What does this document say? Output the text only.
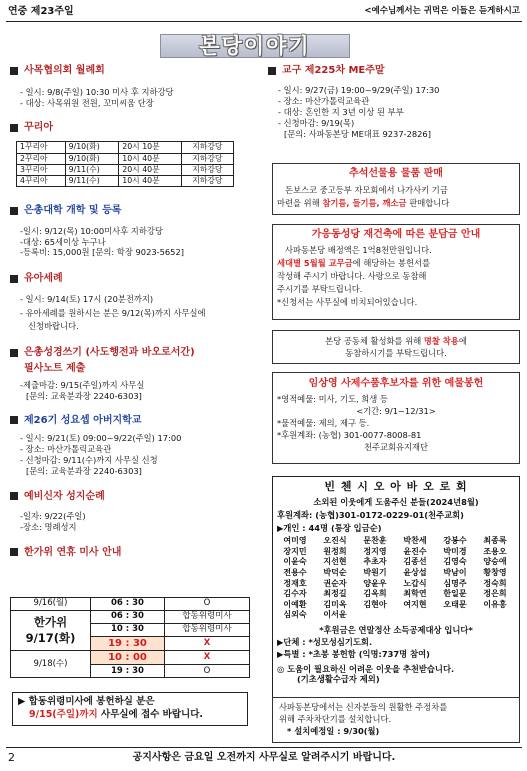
연중 제23주일	<예수님께서는 귀먹은 이들은 듣게하시고
본당이야기
사목협의회 월례회
- 일시: 9/8(주일) 10:30 미사 후 지하강당
- 대상: 사목위원 전원, 꼬미씨움 단장
꾸리아
1꾸리아	9/10(화)	20시 10분	지하강당
2꾸리아	9/10(화)	10시 40분	지하강당
3꾸리아	9/11(수)	20시 40분	지하강당
4꾸리아	9/11(수)	10시 40분	지하강당
은총대학 개학 및 등록
-일시: 9/12(목) 10:00미사후 지하강당
-대상: 65세이상 누구나
-등록비: 15,000원 [문의: 학장 9023-5652]
유아세례
- 일시: 9/14(토) 17시 (20분전까지)
- 유아세례를 원하시는 분은 9/12(목)까지 사무실에
신청바랍니다.
은총성경쓰기 (사도행전과 바오로서간)
필사노트 제출
-제출마감: 9/15(주일)까지 사무실
[문의: 교육분과장 2240-6303]
제26기 성요셉 아버지학교
- 일시: 9/21(토) 09:00~9/22(주일) 17:00
- 장소: 마산가톨릭교육관
- 신청마감: 9/11(수)까지 사무실 신청
[문의: 교육분과장 2240-6303]
예비신자 성지순례
-일자: 9/22(주일)
-장소: 명례성지
한가위 연휴 미사 안내
9/16(월)	06 : 30	O
한가위
9/17(화)	06 : 30	합동위령미사
	10 : 30	합동위령미사
	19 : 30	X
9/18(수)	10 : 00	X
	19 : 30	O
▶ 합동위령미사에 봉헌하실 분은
9/15(주일)까지 사무실에 접수 바랍니다.
교구 제225차 ME주말
- 일시: 9/27(금) 19:00~9/29(주일) 17:30
- 장소: 마산가톨릭교육관
- 대상: 혼인한 지 3년 이상 된 부부
- 신청마감: 9/19(목)
[문의: 사파동본당 ME대표 9237-2826]
추석선물용 물품 판매
돈보스코 중고등부 자모회에서 나가사키 기금
마련을 위해 참기름, 들기름, 깨소금 판매합니다
가응동성당 재건축에 따른 분담금 안내
사파동본당 배정액은 1억8천만원입니다.
세대별 5월월 교무금에 해당하는 봉헌서를
작성해 주시기 바랍니다. 사랑으로 동참해
주시기를 부탁드립니다.
*신청서는 사무실에 비치되어있습니다.
본당 공동체 활성화를 위해 명찰 착용에
동참하시기를 부탁드립니다.
임상영 사제수품후보자를 위한 예물봉헌
*영적예물: 미사, 기도, 희생 등
<기간: 9/1~12/31>
*물적예물: 제의, 제구 등.
*후원계좌: (농협) 301-0077-8008-81
천주교회유지재단
빈 첸 시 오 아 바 오 로 회
소외된 이웃에게 도움주신 분들(2024년8월)
후원계좌: (농협)301-0172-0229-01(천주교회)
▶개인 : 44명 (통장 입금순)
여미영	오진식	문찬훈	박찬세	강봉수	최종록
장지민	원정희	정지영	윤진수	박미경	조용오
이윤숙	지선현	추초자	김종선	김영숙	양승애
전용수	박덕순	박원기	윤상섭	박남이	황창영
정재호	권순자	양윤우	노갑식	심명주	정숙희
김수자	최정길	김옥희	최학연	한일문	정은희
이예환	김미옥	김현아	여지현	오태문	이유홍
심외숙	이서윤				
*후원금은 연말정산 소득공제대상 입니다*
▶단체 : *성모성심기도회.
▶특별 : *초봉 봉헌함 (익명:737명 참여)
◎ 도움이 필요하신 어려운 이웃을 추천받습니다.
(기초생활수급자 제외)
사파동본당에서는 신자분들의 원활한 주정차를
위해 주차차단기를 설치합니다.
* 설치예정일 : 9/30(월)
2	공지사항은 금요일 오전까지 사무실로 알려주시기 바랍니다.
